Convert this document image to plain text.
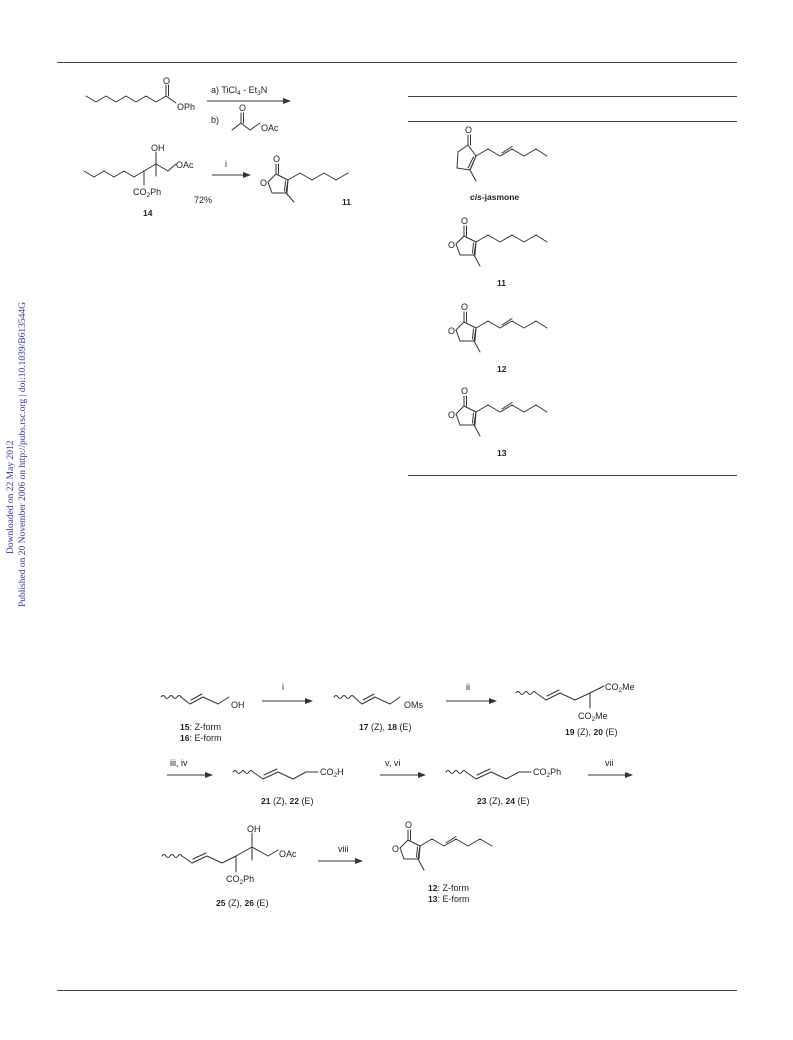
Downloaded on 22 May 2012 Published on 20 November 2006 on http://pubs.rsc.org | doi:10.1039/B613544G
O
OPh
a) TiCl$_4$ - $Et_3N$
b)
O
OAc
OH
OAc
$CO_2Ph$
14
i
72%
O
O
11
O
cis-jasmone
O
O
11
O
O
12
O
O
13
OH
15: Z-form
16: E-form
i
OMs
17 (Z), 18 (E)
ii	$CO_2Me$
$CO_2Me$
19 (Z), 20 (E)
iii, iv
$CO_2H$
21 (Z), 22 (E)
v, vi
$CO_2Ph$
23 (Z), 24 (E)
vii
OH
OAc
$CO_2Ph$
25 (Z), 26 (E)
viii
O
O
12: Z-form
13: E-form
